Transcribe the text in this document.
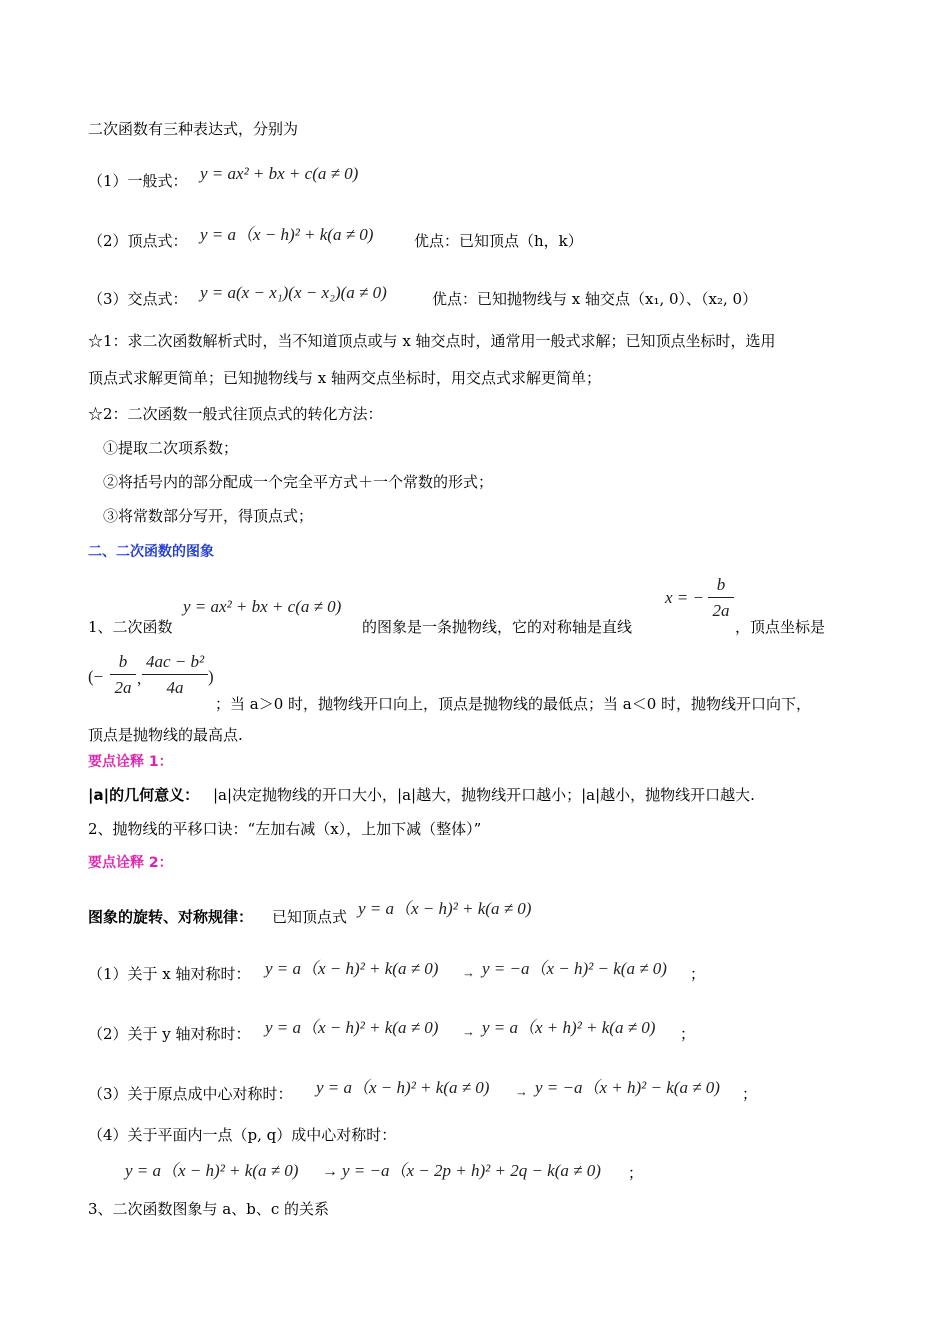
二次函数有三种表达式，分别为
（1）一般式： y = ax² + bx + c(a ≠ 0)
（2）顶点式： y = a（x − h)² + k(a ≠ 0)	优点：已知顶点（h，k）
（3）交点式： y = a(x − x₁)(x − x₂)(a ≠ 0)	优点：已知抛物线与 x 轴交点（x₁, 0）、（x₂, 0）
☆1：求二次函数解析式时，当不知道顶点或与 x 轴交点时，通常用一般式求解；已知顶点坐标时，选用
顶点式求解更简单；已知抛物线与 x 轴两交点坐标时，用交点式求解更简单；
☆2：二次函数一般式往顶点式的转化方法：
①提取二次项系数；
②将括号内的部分配成一个完全平方式＋一个常数的形式；
③将常数部分写开，得顶点式；
二、二次函数的图象
y = ax² + bx + c(a ≠ 0)
1、二次函数	的图象是一条抛物线，它的对称轴是直线
x = −
b
2a
，顶点坐标是
(−
b
2a ,
4ac − b²
4a
)
；当 a＞0 时，抛物线开口向上，顶点是抛物线的最低点；当 a＜0 时，抛物线开口向下，
顶点是抛物线的最高点.
要点诠释 1：
|a|的几何意义： |a|决定抛物线的开口大小，|a|越大，抛物线开口越小；|a|越小，抛物线开口越大.
2、抛物线的平移口诀：“左加右减（x），上加下减（整体）”
要点诠释 2：
图象的旋转、对称规律： 已知顶点式 y = a（x − h)² + k(a ≠ 0)
（1）关于 x 轴对称时： y = a（x − h)² + k(a ≠ 0) → y = −a（x − h)² − k(a ≠ 0) ；
（2）关于 y 轴对称时： y = a（x − h)² + k(a ≠ 0) → y = a（x + h)² + k(a ≠ 0) ；
（3）关于原点成中心对称时： y = a（x − h)² + k(a ≠ 0) → y = −a（x + h)² − k(a ≠ 0) ；
（4）关于平面内一点（p, q）成中心对称时：
y = a（x − h)² + k(a ≠ 0) → y = −a（x − 2p + h)² + 2q − k(a ≠ 0) ；
3、二次函数图象与 a、b、c 的关系
